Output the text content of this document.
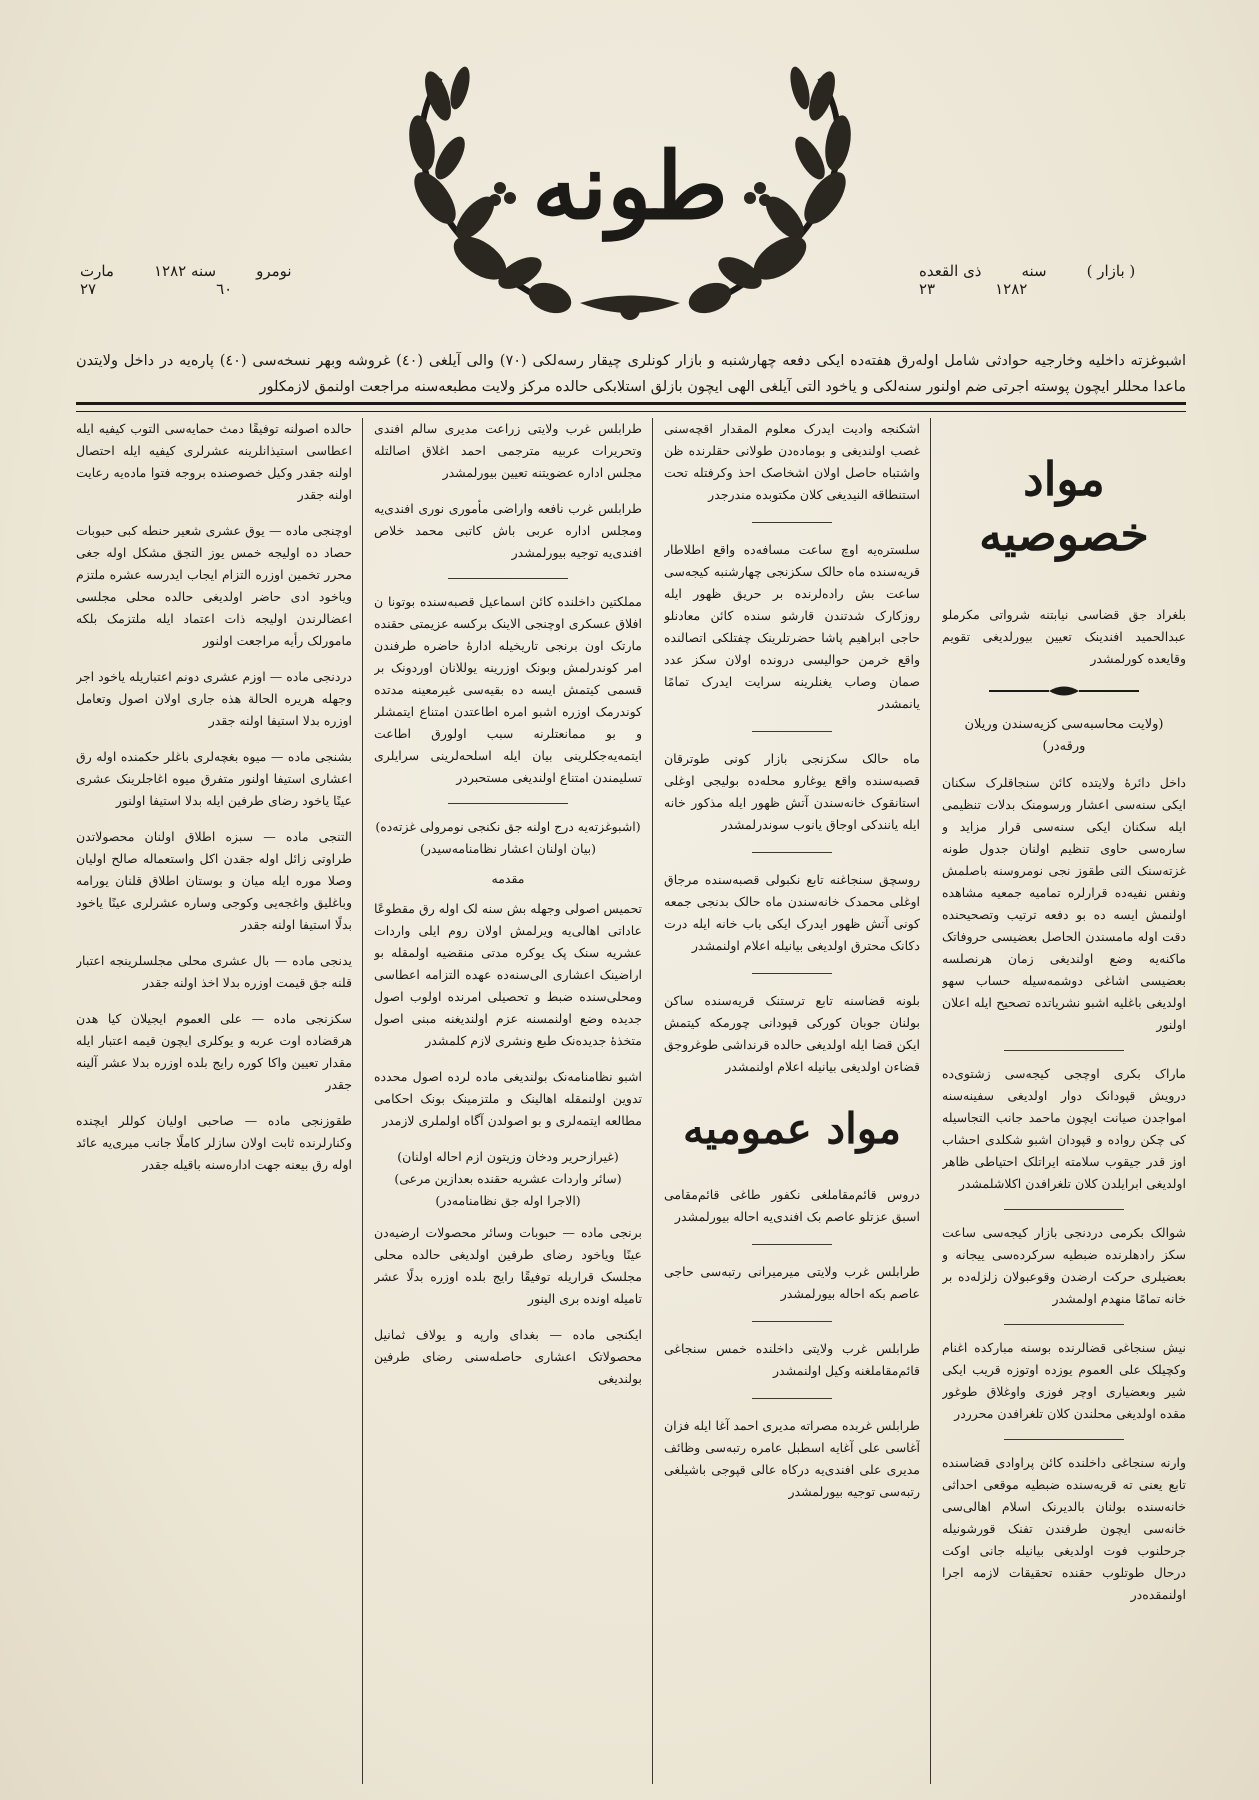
طونه
نومرو
سنه ١٢٨٢
مارت
٦٠
٢٧
( بازار )
سنه
ذی القعده
١٢٨٢
٢٣
اشبوغزته داخلیه وخارجیه حوادثی شامل اولەرق هفتەده ایکی دفعه چهارشنبه و بازار کونلری چیقار رسەلکی (٧٠) والی آیلغی (٤٠) غروشه وبهر نسخه‌سی (٤٠) پاره‌یه در داخل ولایتدن ماعدا محللر ایچون پوسته اجرتی ضم اولنور سنه‌لکی و یاخود التی آیلغی الهی ایچون بازلق استلابکی حالده مرکز ولایت مطبعه‌سنه مراجعت اولنمق لازمکلور
مواد خصوصیه

بلغراد جق قضاسی نیابتنه شرواتی مکرملو عبدالحمید افندینک تعیین بیورلدیغی تقویم وقایعده کورلمشدر

(ولایت محاسبه‌سی کزیه‌سندن وریلان ورقه‌در)

داخل دائرهٔ ولایتده کائن سنجاقلرک سکنان ایکی سنه‌سی اعشار ورسومنک بدلات تنظیمی ایله سکنان ایکی سنه‌سی قرار مزاید و ساره‌سی حاوی تنظیم اولنان جدول طونه غزته‌سنک التی طقوز نجی نومروسنه باصلمش ونفس نفیه‌ده قرارلره تمامیه جمعیه مشاهده اولنمش ایسه ده بو دفعه ترتیب وتصحیحنده دقت اوله مامسندن الحاصل بعضیسی حروفاتک ماکنه‌یه وضع اولندیغی زمان هرنصلسه بعضیسی اشاغی دوشمه‌سیله حساب سهو اولدیغی باغلیه اشبو نشریاتده تصحیح ایله اعلان اولنور

ماراک بکری اوچجی کیجه‌سی زشتوی‌ده درویش قپودانک دوار اولدیغی سفینه‌سنه امواجدن صیانت ایچون ماحمد جانب التجاسیله کی چکن رواده و قپودان اشبو شکلدی احشاب اوز قدر جیقوب سلامته ایراتلک احتیاطی ظاهر اولدیغی ابرایلدن کلان تلغرافدن اکلاشلمشدر

شوالک بکرمی دردنجی بازار کیجه‌سی ساعت سکز رادهلرنده ضبطیه سرکرده‌سی ییجانه و بعضیلری حرکت ارضدن وقوعبولان زلزله‌ده بر خانه تمامًا منهدم اولمشدر

نیش سنجاغی قضالرنده بوسنه مبارکده اغنام وکچیلک علی العموم یوزده اوتوزه قریب ایکی شیر وبعضیاری اوچر فوزی واوغلاق طوغور مقده اولدیغی محلندن کلان تلغرافدن محرردر

وارنه سنجاغی داخلنده کائن پراوادی قضاسنده تابع یعنی ته قریه‌سنده ضبطیه موقعی احداثی خانه‌سنده بولنان بالدیرنک اسلام اهالی‌سی خانه‌سی ایچون طرفندن تفنک قورشونیله جرحلنوب فوت اولدیغی بیانیله جانی اوکت درحال طوتلوب حقنده تحقیقات لازمه اجرا اولنمقده‌در

اشکنجه وادیت ایدرک معلوم المقدار اقچه‌سنی غصب اولندیغی و بومادەدن طولانی حقلرنده ظن واشتباه حاصل اولان اشخاصک احذ وکرفتله تحت استنطاقه النیدیغی کلان مکتوبده مندرجدر

سلستره‌یه اوچ ساعت مسافەده واقع اطلاطار قریه‌سنده ماه حالک سکزنجی چهارشنبه کیجه‌سی ساعت بش رادەلرنده بر حریق ظهور ایله روزکارک شدتندن قارشو سنده کائن معادنلو حاجی ابراهیم پاشا حضرتلرینک چفتلکی اتصالنده واقع خرمن حوالیسی درونده اولان سکز عدد صمان وصاب یغنلرینه سرایت ایدرک تمامًا یانمشدر

ماه حالک سکزنجی بازار کونی طوترقان قصبه‌سنده واقع یوغارو محله‌ده بولیجی اوغلی استانقوک خانه‌سندن آتش ظهور ایله مذکور خانه ایله یانندکی اوجاق یانوب سوندرلمشدر

روسچق سنجاغنه تابع نکبولی قصبه‌سنده مرجاق اوغلی محمدک خانه‌سندن ماه حالک بدنجی جمعه کونی آتش ظهور ایدرک ایکی باب خانه ایله درت دکانک محترق اولدیغی بیانیله اعلام اولنمشدر

بلونه قضاسنه تابع ترستنک قریه‌سنده ساکن بولنان جوبان کورکی قپودانی چورمکه کیتمش ایکن قضا ایله اولدیغی حالده قرنداشی طوغروجق قضاءن اولدیغی بیانیله اعلام اولنمشدر

مواد عمومیه

دروس قائم‌مقاملغی نکفور طاغی قائم‌مقامی اسبق عزتلو عاصم بک افندی‌یه احاله بیورلمشدر

طرابلس غرب ولایتی میرمیرانی رتبه‌سی حاجی عاصم بکه احاله بیورلمشدر

طرابلس غرب ولایتی داخلنده خمس سنجاغی قائم‌مقاملغنه وکیل اولنمشدر

طرابلس غربده مصراته مدیری احمد آغا ایله فزان آغاسی علی آغایه اسطبل عامره رتبه‌سی وظائف مدیری علی افندی‌یه درکاه عالی قپوجی باشیلغی رتبه‌سی توجیه بیورلمشدر

طرابلس غرب ولایتی زراعت مدیری سالم افندی وتحریرات عربیه مترجمی احمد اغلاق اصالتله مجلس اداره عضویتنه تعیین بیورلمشدر

طرابلس غرب نافعه واراضی مأموری نوری افندی‌یه ومجلس اداره عربی باش کاتبی محمد خلاص افندی‌یه توجیه بیورلمشدر

مملکتین داخلنده کائن اسماعیل قصبه‌سنده بوتونا ن افلاق عسکری اوچنجی الاینک برکسه عزیمتی حقنده مارتک اون برنجی تاریخیله ادارهٔ حاضره طرفندن امر کوندرلمش وبونک اوزرینه یوللانان اوردونک بر قسمی کیتمش ایسه ده بقیه‌سی غیرمعینه مدتده کوندرمک اوزره اشبو امره اطاعتدن امتناع ایتمشلر و بو ممانعتلرنه سبب اولورق اطاعت ایتمه‌یه‌جکلرینی بیان ایله اسلحه‌لرینی سرایلری تسلیمندن امتناع اولندیغی مستحبردر

(اشبوغزته‌یه درج اولنه جق نکنجی نومرولی غزته‌ده)
(بیان اولنان اعشار نظامنامه‌سیدر)
مقدمه

تحمیس اصولی وجهله بش سنه لک اوله رق مقطوعًا عاداتی اهالی‌یه ویرلمش اولان روم ایلی واردات عشریه سنک پک یوکره مدتی منقضیه اولمقله بو اراضینک اعشاری الی‌سنه‌ده عهده التزامه اعطاسی ومحلی‌سنده ضبط و تحصیلی امرنده اولوب اصول جدیده وضع اولنمسنه عزم اولندیغنه مبنی اصول متخذهٔ جدیده‌نک طبع ونشری لازم کلمشدر

اشبو نظامنامه‌نک بولندیغی ماده لرده اصول محدده تدوین اولنمقله اهالینک و ملتزمینک بونک احکامی مطالعه ایتمه‌لری و بو اصولدن آگاه اولملری لازمدر

(غیرازحریر ودخان وزیتون ازم احاله اولنان)
(سائر واردات عشریه حقنده بعدازین مرعی)
(الاجرا اوله جق نظامنامه‌در)

برنجی ماده — حبوبات وسائر محصولات ارضیه‌دن عینًا ویاخود رضای طرفین اولدیغی حالده محلی مجلسک قراریله توفیقًا رایج بلده اوزره بدلًا عشر تامیله اونده بری الینور

ایکنجی ماده — بغدای وارپه و یولاف ثمانیل محصولاتک اعشاری حاصله‌سنی رضای طرفین بولندیغی

حالده اصولنه توفیقًا دمث حمایه‌سی التوب کیفیه ایله اعطاسی استیذانلرینه عشرلری کیفیه ایله احتصال اولنه جقدر وکیل خصوصنده بروجه فتوا ماده‌یه رعایت اولنه جقدر

اوچنجی ماده — یوق عشری شعیر حنطه کبی حبوبات حصاد ده اولیجه خمس یوز التجق مشکل اوله جغی محرر تخمین اوزره التزام ایجاب ایدرسه عشره ملتزم ویاخود ادی حاضر اولدیغی حالده محلی مجلسی اعضالرندن اولیجه ذات اعتماد ایله ملتزمک بلکه مامورلک رأیه مراجعت اولنور

دردنجی ماده — اوزم عشری دونم اعتباریله یاخود اجر وجهله هریره الحالة هذه جاری اولان اصول وتعامل اوزره بدلا استیفا اولنه جقدر

بشنجی ماده — میوه بغچه‌لری باغلر حکمنده اوله رق اعشاری استیفا اولنور متفرق میوه اغاجلرینک عشری عینًا یاخود رضای طرفین ایله بدلا استیفا اولنور

التنجی ماده — سبزه اطلاق اولنان محصولاتدن طراوتی زائل اوله جقدن اکل واستعماله صالح اولیان وصلا موره ایله میان و بوستان اطلاق قلنان یورامه وباغلیق واغجه‌یی وکوجی وساره عشرلری عینًا یاخود بدلًا استیفا اولنه جقدر

یدنجی ماده — بال عشری محلی مجلسلرینجه اعتبار قلنه جق قیمت اوزره بدلا اخذ اولنه جقدر

سکزنجی ماده — علی العموم ایجیلان کیا هدن هرقضاده اوت عربه و یوکلری ایچون قیمه اعتبار ایله مقدار تعیین واکا کوره رایج بلده اوزره بدلا عشر آلینه جقدر

طقوزنجی ماده — صاحبی اولیان کوللر ایچنده وکنارلرنده ثابت اولان سازلر کاملًا جانب میری‌یه عائد اوله رق بیعنه جهت اداره‌سنه باقیله جقدر
